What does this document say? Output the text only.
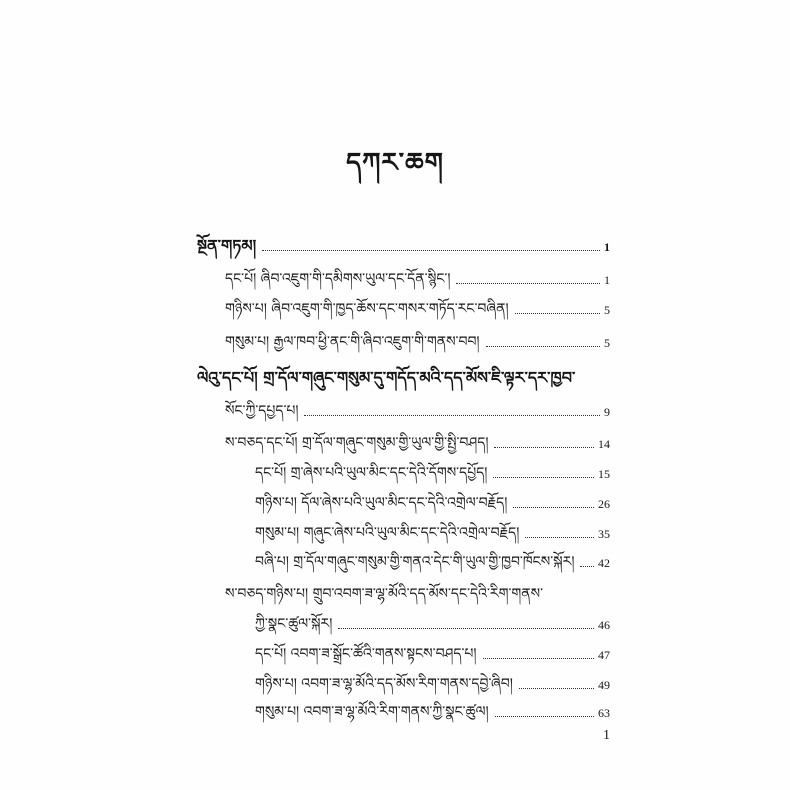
དཀར་ཆག
སྔོན་གཏམ།	1
དང་པོ། ཞིབ་འཇུག་གི་དམིགས་ཡུལ་དང་དོན་སྙིང་།	1
གཉིས་པ། ཞིབ་འཇུག་གི་ཁྱད་ཆོས་དང་གསར་གཏོད་རང་བཞིན།	5
གསུམ་པ། རྒྱལ་ཁབ་ཕྱི་ནང་གི་ཞིབ་འཇུག་གི་གནས་བབ།	5
ལེའུ་དང་པོ། གྲ་དོལ་གཞུང་གསུམ་དུ་གདོད་མའི་དད་མོས་ཇི་ལྟར་དར་ཁྱབ་
སོང་ཀྱི་དཔྱད་པ།	9
ས་བཅད་དང་པོ། གྲ་དོལ་གཞུང་གསུམ་གྱི་ཡུལ་གྱི་སྤྱི་བཤད།	14
དང་པོ། གྲ་ཞེས་པའི་ཡུལ་མིང་དང་དེའི་དོགས་དཔྱོད།	15
གཉིས་པ། དོལ་ཞེས་པའི་ཡུལ་མིང་དང་དེའི་འགྲེལ་བརྗོད།	26
གསུམ་པ། གཞུང་ཞེས་པའི་ཡུལ་མིང་དང་དེའི་འགྲེལ་བརྗོད།	35
བཞི་པ། གྲ་དོལ་གཞུང་གསུམ་གྱི་གནའ་དེང་གི་ཡུལ་གྱི་ཁྱབ་ཁོངས་སྐོར། 42
ས་བཅད་གཉིས་པ། གྲུབ་འབག་ཟ་ལྷ་མོའི་དད་མོས་དང་དེའི་རིག་གནས་
ཀྱི་སྣང་ཚུལ་སྐོར།	46
དང་པོ། འབག་ཟ་སྒྲོང་ཚོའི་གནས་སྟངས་བཤད་པ།	47
གཉིས་པ། འབག་ཟ་ལྷ་མོའི་དད་མོས་རིག་གནས་དབྱེ་ཞིབ།	49
གསུམ་པ། འབག་ཟ་ལྷ་མོའི་རིག་གནས་ཀྱི་སྣང་ཚུལ།	63
1
